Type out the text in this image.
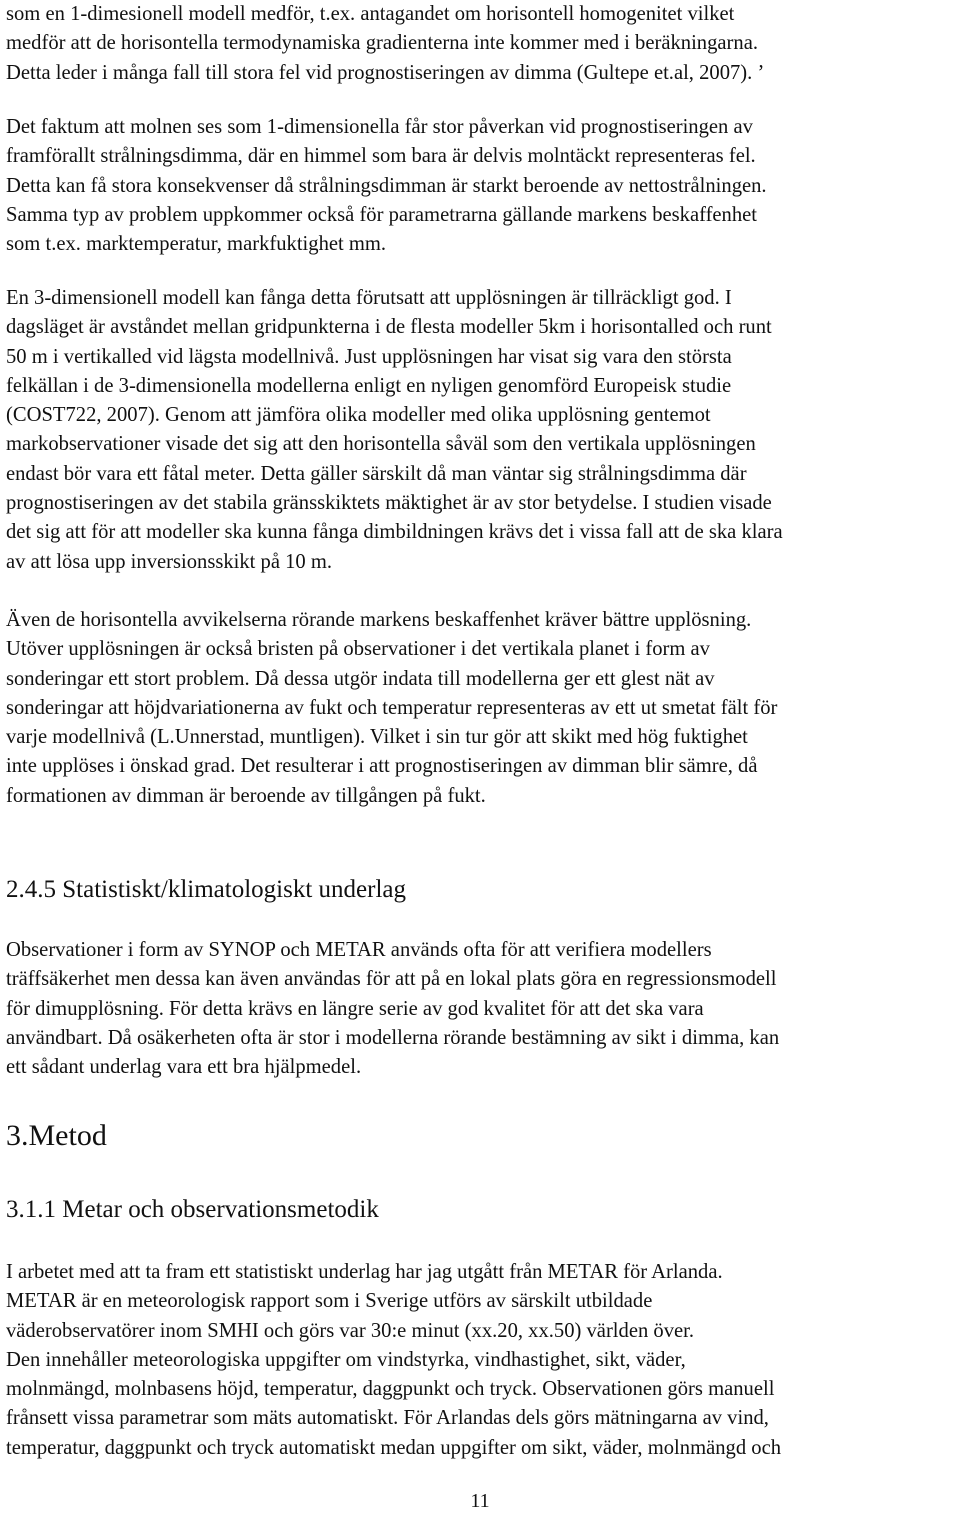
som en 1-dimesionell modell medför, t.ex. antagandet om horisontell homogenitet vilket
medför att de horisontella termodynamiska gradienterna inte kommer med i beräkningarna.
Detta leder i många fall till stora fel vid prognostiseringen av dimma (Gultepe et.al, 2007). ’
Det faktum att molnen ses som 1-dimensionella får stor påverkan vid prognostiseringen av
framförallt strålningsdimma, där en himmel som bara är delvis molntäckt representeras fel.
Detta kan få stora konsekvenser då strålningsdimman är starkt beroende av nettostrålningen.
Samma typ av problem uppkommer också för parametrarna gällande markens beskaffenhet
som t.ex. marktemperatur, markfuktighet mm.
En 3-dimensionell modell kan fånga detta förutsatt att upplösningen är tillräckligt god. I
dagsläget är avståndet mellan gridpunkterna i de flesta modeller 5km i horisontalled och runt
50 m i vertikalled vid lägsta modellnivå. Just upplösningen har visat sig vara den största
felkällan i de 3-dimensionella modellerna enligt en nyligen genomförd Europeisk studie
(COST722, 2007). Genom att jämföra olika modeller med olika upplösning gentemot
markobservationer visade det sig att den horisontella såväl som den vertikala upplösningen
endast bör vara ett fåtal meter. Detta gäller särskilt då man väntar sig strålningsdimma där
prognostiseringen av det stabila gränsskiktets mäktighet är av stor betydelse. I studien visade
det sig att för att modeller ska kunna fånga dimbildningen krävs det i vissa fall att de ska klara
av att lösa upp inversionsskikt på 10 m.
Även de horisontella avvikelserna rörande markens beskaffenhet kräver bättre upplösning.
Utöver upplösningen är också bristen på observationer i det vertikala planet i form av
sonderingar ett stort problem. Då dessa utgör indata till modellerna ger ett glest nät av
sonderingar att höjdvariationerna av fukt och temperatur representeras av ett ut smetat fält för
varje modellnivå (L.Unnerstad, muntligen). Vilket i sin tur gör att skikt med hög fuktighet
inte upplöses i önskad grad. Det resulterar i att prognostiseringen av dimman blir sämre, då
formationen av dimman är beroende av tillgången på fukt.
2.4.5 Statistiskt/klimatologiskt underlag
Observationer i form av SYNOP och METAR används ofta för att verifiera modellers
träffsäkerhet men dessa kan även användas för att på en lokal plats göra en regressionsmodell
för dimupplösning. För detta krävs en längre serie av god kvalitet för att det ska vara
användbart. Då osäkerheten ofta är stor i modellerna rörande bestämning av sikt i dimma, kan
ett sådant underlag vara ett bra hjälpmedel.
3.Metod
3.1.1 Metar och observationsmetodik
I arbetet med att ta fram ett statistiskt underlag har jag utgått från METAR för Arlanda.
METAR är en meteorologisk rapport som i Sverige utförs av särskilt utbildade
väderobservatörer inom SMHI och görs var 30:e minut (xx.20, xx.50) världen över.
Den innehåller meteorologiska uppgifter om vindstyrka, vindhastighet, sikt, väder,
molnmängd, molnbasens höjd, temperatur, daggpunkt och tryck. Observationen görs manuell
frånsett vissa parametrar som mäts automatiskt. För Arlandas dels görs mätningarna av vind,
temperatur, daggpunkt och tryck automatiskt medan uppgifter om sikt, väder, molnmängd och
11
